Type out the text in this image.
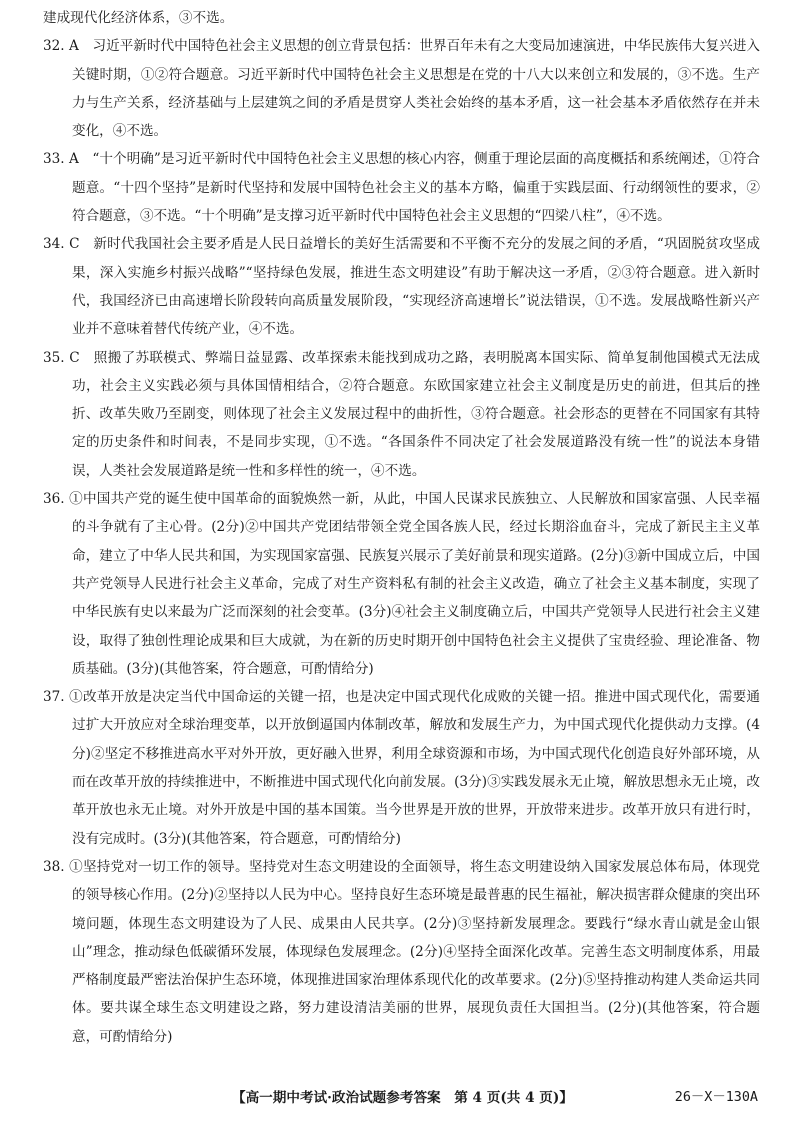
建成现代化经济体系，③不选。

32. A　习近平新时代中国特色社会主义思想的创立背景包括：世界百年未有之大变局加速演进，中华民族伟大复兴进入关键时期，①②符合题意。习近平新时代中国特色社会主义思想是在党的十八大以来创立和发展的，③不选。生产力与生产关系，经济基础与上层建筑之间的矛盾是贯穿人类社会始终的基本矛盾，这一社会基本矛盾依然存在并未变化，④不选。
33. A　“十个明确”是习近平新时代中国特色社会主义思想的核心内容，侧重于理论层面的高度概括和系统阐述，①符合题意。“十四个坚持”是新时代坚持和发展中国特色社会主义的基本方略，偏重于实践层面、行动纲领性的要求，②符合题意，③不选。“十个明确”是支撑习近平新时代中国特色社会主义思想的“四梁八柱”，④不选。
34. C　新时代我国社会主要矛盾是人民日益增长的美好生活需要和不平衡不充分的发展之间的矛盾，“巩固脱贫攻坚成果，深入实施乡村振兴战略”“坚持绿色发展，推进生态文明建设”有助于解决这一矛盾，②③符合题意。进入新时代，我国经济已由高速增长阶段转向高质量发展阶段，“实现经济高速增长”说法错误，①不选。发展战略性新兴产业并不意味着替代传统产业，④不选。
35. C　照搬了苏联模式、弊端日益显露、改革探索未能找到成功之路，表明脱离本国实际、简单复制他国模式无法成功，社会主义实践必须与具体国情相结合，②符合题意。东欧国家建立社会主义制度是历史的前进，但其后的挫折、改革失败乃至剧变，则体现了社会主义发展过程中的曲折性，③符合题意。社会形态的更替在不同国家有其特定的历史条件和时间表，不是同步实现，①不选。“各国条件不同决定了社会发展道路没有统一性”的说法本身错误，人类社会发展道路是统一性和多样性的统一，④不选。
36. ①中国共产党的诞生使中国革命的面貌焕然一新，从此，中国人民谋求民族独立、人民解放和国家富强、人民幸福的斗争就有了主心骨。(2分)②中国共产党团结带领全党全国各族人民，经过长期浴血奋斗，完成了新民主主义革命，建立了中华人民共和国，为实现国家富强、民族复兴展示了美好前景和现实道路。(2分)③新中国成立后，中国共产党领导人民进行社会主义革命，完成了对生产资料私有制的社会主义改造，确立了社会主义基本制度，实现了中华民族有史以来最为广泛而深刻的社会变革。(3分)④社会主义制度确立后，中国共产党领导人民进行社会主义建设，取得了独创性理论成果和巨大成就，为在新的历史时期开创中国特色社会主义提供了宝贵经验、理论准备、物质基础。(3分)(其他答案，符合题意，可酌情给分)
37. ①改革开放是决定当代中国命运的关键一招，也是决定中国式现代化成败的关键一招。推进中国式现代化，需要通过扩大开放应对全球治理变革，以开放倒逼国内体制改革，解放和发展生产力，为中国式现代化提供动力支撑。(4分)②坚定不移推进高水平对外开放，更好融入世界，利用全球资源和市场，为中国式现代化创造良好外部环境，从而在改革开放的持续推进中，不断推进中国式现代化向前发展。(3分)③实践发展永无止境，解放思想永无止境，改革开放也永无止境。对外开放是中国的基本国策。当今世界是开放的世界，开放带来进步。改革开放只有进行时，没有完成时。(3分)(其他答案，符合题意，可酌情给分)
38. ①坚持党对一切工作的领导。坚持党对生态文明建设的全面领导，将生态文明建设纳入国家发展总体布局，体现党的领导核心作用。(2分)②坚持以人民为中心。坚持良好生态环境是最普惠的民生福祉，解决损害群众健康的突出环境问题，体现生态文明建设为了人民、成果由人民共享。(2分)③坚持新发展理念。要践行“绿水青山就是金山银山”理念，推动绿色低碳循环发展，体现绿色发展理念。(2分)④坚持全面深化改革。完善生态文明制度体系，用最严格制度最严密法治保护生态环境，体现推进国家治理体系现代化的改革要求。(2分)⑤坚持推动构建人类命运共同体。要共谋全球生态文明建设之路，努力建设清洁美丽的世界，展现负责任大国担当。(2分)(其他答案，符合题意，可酌情给分)
【高一期中考试·政治试题参考答案　第 4 页(共 4 页)】	26－X－130A
